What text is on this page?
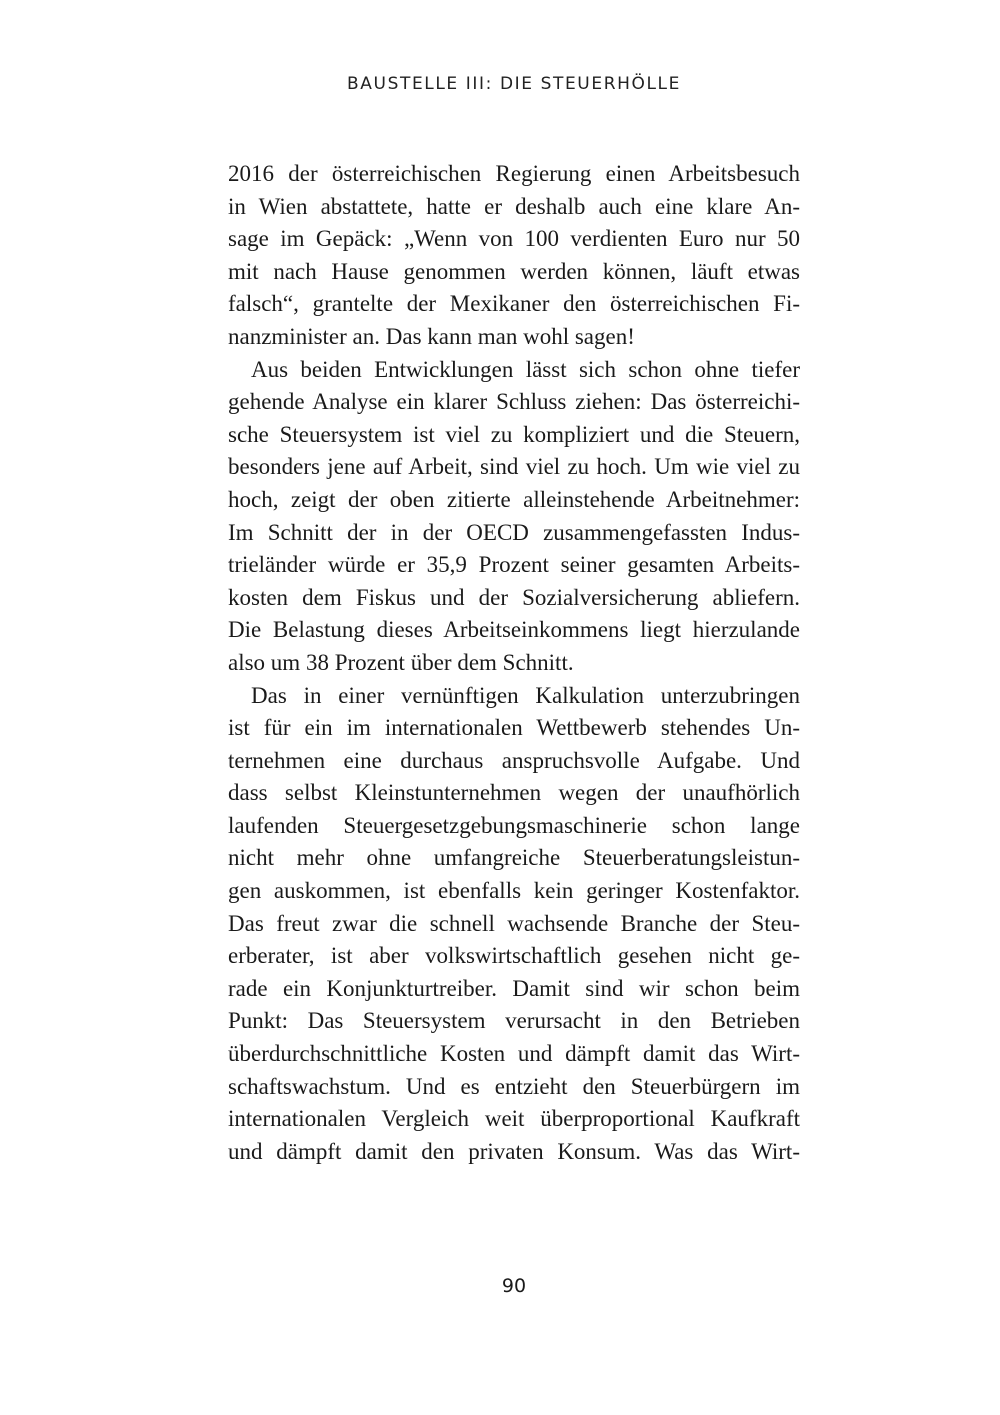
BAUSTELLE III: DIE STEUERHÖLLE
2016 der österreichischen Regierung einen Arbeitsbesuch
in Wien abstattete, hatte er deshalb auch eine klare An-
sage im Gepäck: „Wenn von 100 verdienten Euro nur 50
mit nach Hause genommen werden können, läuft etwas
falsch“, grantelte der Mexikaner den österreichischen Fi-
nanzminister an. Das kann man wohl sagen!
Aus beiden Entwicklungen lässt sich schon ohne tiefer
gehende Analyse ein klarer Schluss ziehen: Das österreichi-
sche Steuersystem ist viel zu kompliziert und die Steuern,
besonders jene auf Arbeit, sind viel zu hoch. Um wie viel zu
hoch, zeigt der oben zitierte alleinstehende Arbeitnehmer:
Im Schnitt der in der OECD zusammengefassten Indus-
trieländer würde er 35,9 Prozent seiner gesamten Arbeits-
kosten dem Fiskus und der Sozialversicherung abliefern.
Die Belastung dieses Arbeitseinkommens liegt hierzulande
also um 38 Prozent über dem Schnitt.
Das in einer vernünftigen Kalkulation unterzubringen
ist für ein im internationalen Wettbewerb stehendes Un-
ternehmen eine durchaus anspruchsvolle Aufgabe. Und
dass selbst Kleinstunternehmen wegen der unaufhörlich
laufenden Steuergesetzgebungsmaschinerie schon lange
nicht mehr ohne umfangreiche Steuerberatungsleistun-
gen auskommen, ist ebenfalls kein geringer Kostenfaktor.
Das freut zwar die schnell wachsende Branche der Steu-
erberater, ist aber volkswirtschaftlich gesehen nicht ge-
rade ein Konjunkturtreiber. Damit sind wir schon beim
Punkt: Das Steuersystem verursacht in den Betrieben
überdurchschnittliche Kosten und dämpft damit das Wirt-
schaftswachstum. Und es entzieht den Steuerbürgern im
internationalen Vergleich weit überproportional Kaufkraft
und dämpft damit den privaten Konsum. Was das Wirt-
90
